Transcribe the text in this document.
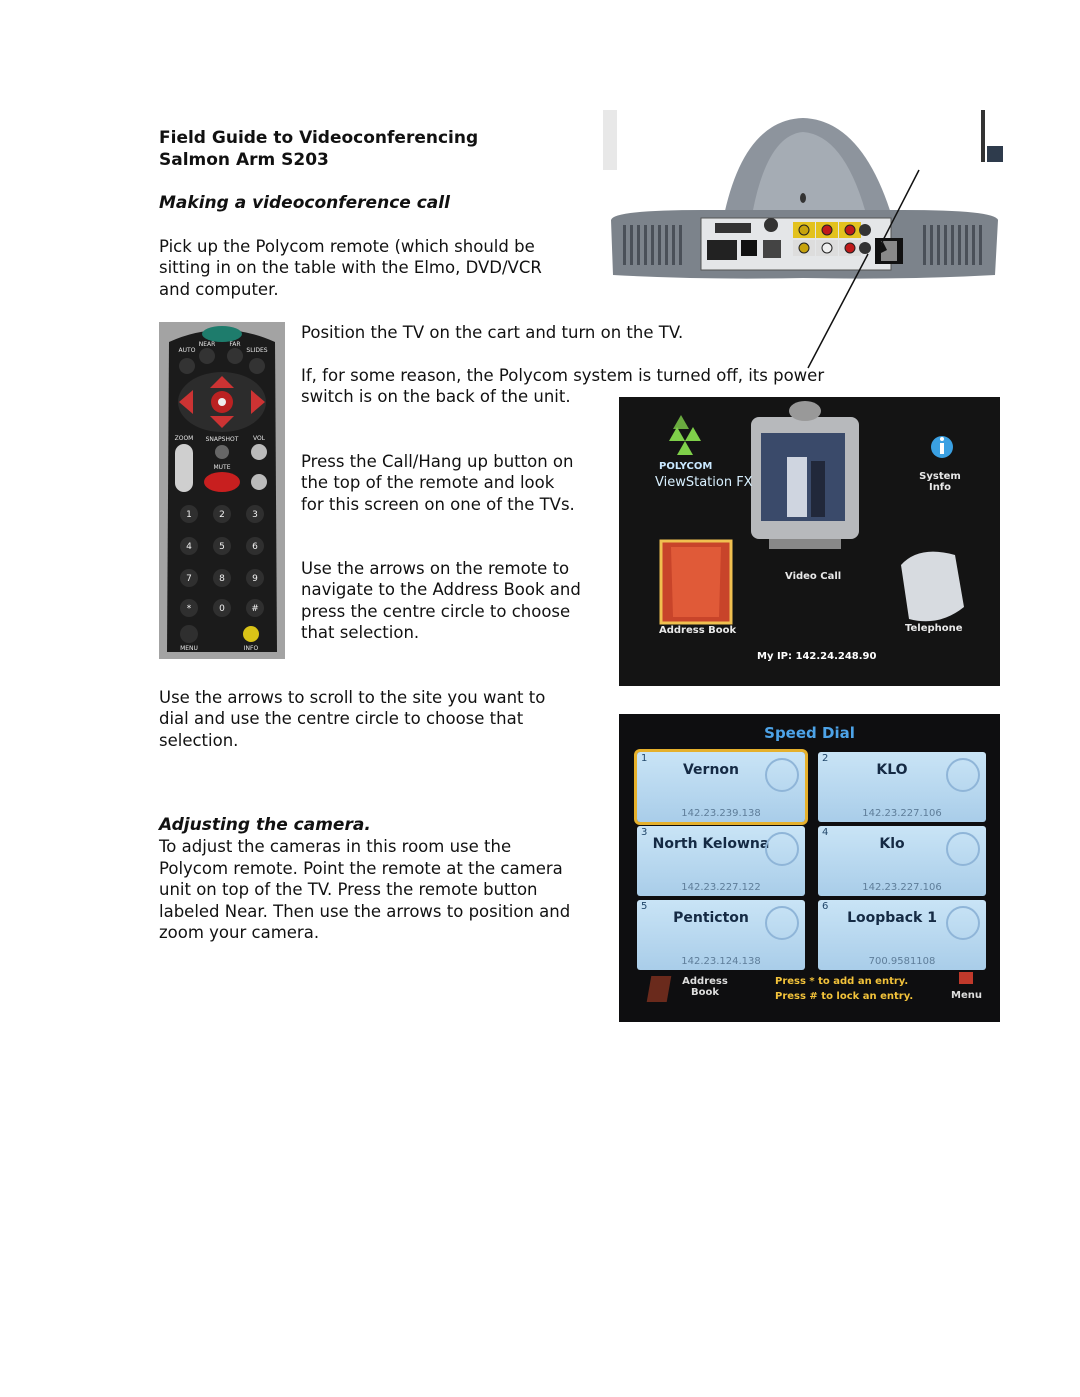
Field Guide to Videoconferencing
Salmon Arm S203
Making a videoconference call
Pick up the Polycom remote (which should be
sitting in on the table with the Elmo, DVD/VCR
and computer.
Position the TV on the cart and turn on the TV.
If, for some reason, the Polycom system is turned off, its power
switch is on the back of the unit.
Press the Call/Hang up button on
the top of the remote and look
for this screen on one of the TVs.
Use the arrows on the remote to
navigate to the Address Book and
press the centre circle to choose
that selection.
Use the arrows to scroll to the site you want to
dial and use the centre circle to choose that
selection.
Adjusting the camera.
To adjust the cameras in this room use the
Polycom remote. Point the remote at the camera
unit on top of the TV. Press the remote button
labeled Near. Then use the arrows to position and
zoom your camera.
AUTO
NEAR FAR
SLIDES
ZOOM SNAPSHOT VOL
MUTE
MENU	INFO
1	2	3
4	5	6
7	8	9
*	0	#
POLYCOM
ViewStation FX	System Info
Video Call
Address Book	Telephone
My IP: 142.24.248.90
Speed Dial
1
Vernon
142.23.239.138
2
KLO
142.23.227.106
3
North Kelowna
142.23.227.122
4
Klo
142.23.227.106
5
Penticton
142.23.124.138
6
Loopback 1
700.9581108
Address Book
Press * to add an entry.
Press # to lock an entry.	Menu
